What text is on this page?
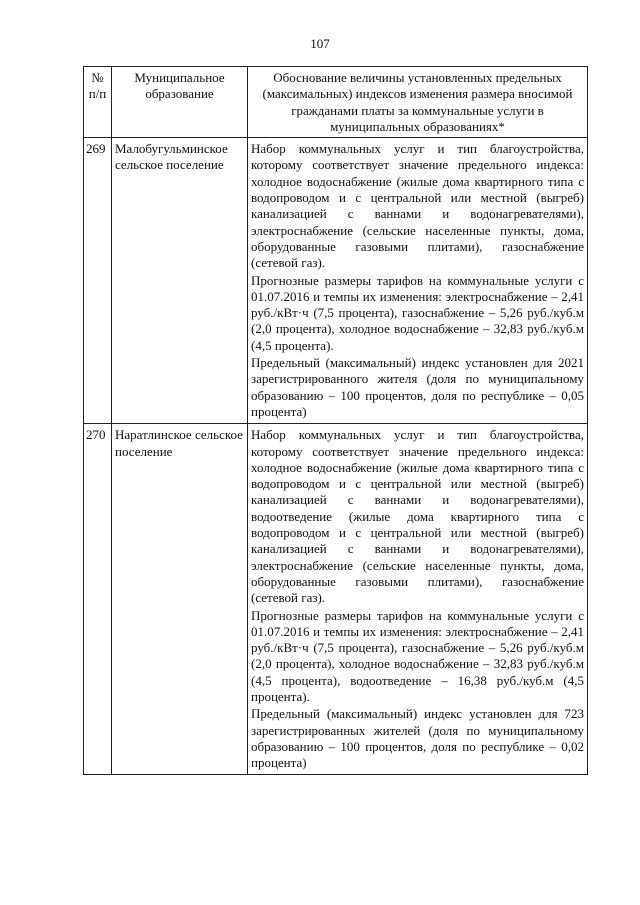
107
№ п/п	Муниципальное образование	Обоснование величины установленных предельных (максимальных) индексов изменения размера вносимой гражданами платы за коммунальные услуги в муниципальных образованиях*
269	Малобугульминское сельское поселение	Набор коммунальных услуг и тип благоустройства, которому соответствует значение предельного индекса: холодное водоснабжение (жилые дома квартирного типа с водопроводом и с центральной или местной (выгреб) канализацией с ваннами и водонагревателями), электроснабжение (сельские населенные пункты, дома, оборудованные газовыми плитами), газоснабжение (сетевой газ).

Прогнозные размеры тарифов на коммунальные услуги с 01.07.2016 и темпы их изменения: электроснабжение – 2,41 руб./кВт·ч (7,5 процента), газоснабжение – 5,26 руб./куб.м (2,0 процента), холодное водоснабжение – 32,83 руб./куб.м (4,5 процента).

Предельный (максимальный) индекс установлен для 2021 зарегистрированного жителя (доля по муниципальному образованию – 100 процентов, доля по республике – 0,05 процента)

270	Наратлинское сельское поселение	Набор коммунальных услуг и тип благоустройства, которому соответствует значение предельного индекса: холодное водоснабжение (жилые дома квартирного типа с водопроводом и с центральной или местной (выгреб) канализацией с ваннами и водонагревателями), водоотведение (жилые дома квартирного типа с водопроводом и с центральной или местной (выгреб) канализацией с ваннами и водонагревателями), электроснабжение (сельские населенные пункты, дома, оборудованные газовыми плитами), газоснабжение (сетевой газ).

Прогнозные размеры тарифов на коммунальные услуги с 01.07.2016 и темпы их изменения: электроснабжение – 2,41 руб./кВт·ч (7,5 процента), газоснабжение – 5,26 руб./куб.м (2,0 процента), холодное водоснабжение – 32,83 руб./куб.м (4,5 процента), водоотведение – 16,38 руб./куб.м (4,5 процента).

Предельный (максимальный) индекс установлен для 723 зарегистрированных жителей (доля по муниципальному образованию – 100 процентов, доля по республике – 0,02 процента)
